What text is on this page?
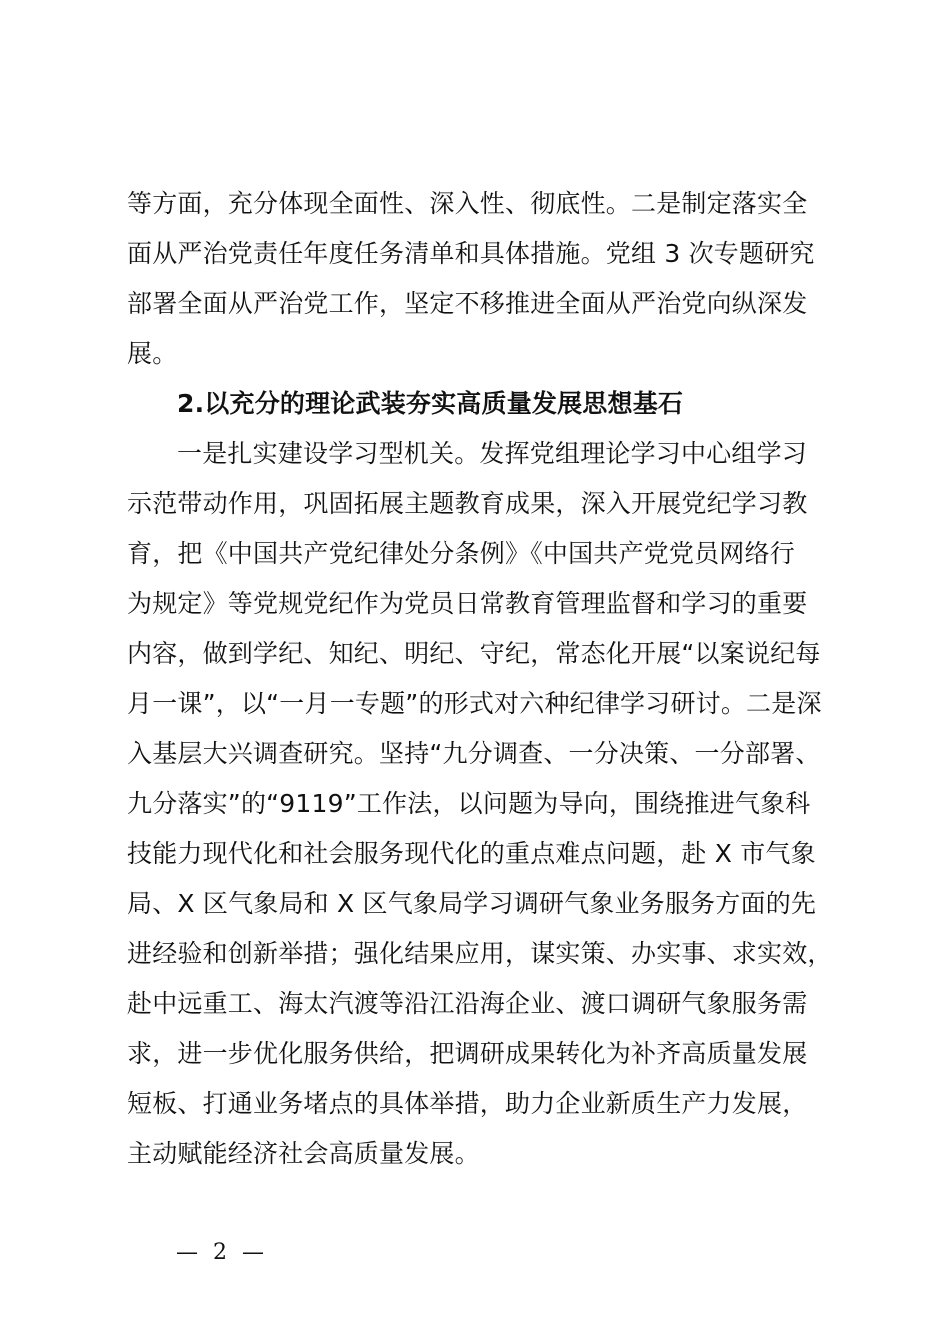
等方面，充分体现全面性、深入性、彻底性。二是制定落实全
面从严治党责任年度任务清单和具体措施。党组 3 次专题研究
部署全面从严治党工作，坚定不移推进全面从严治党向纵深发
展。
2.以充分的理论武装夯实高质量发展思想基石
一是扎实建设学习型机关。发挥党组理论学习中心组学习
示范带动作用，巩固拓展主题教育成果，深入开展党纪学习教
育，把《中国共产党纪律处分条例》《中国共产党党员网络行
为规定》等党规党纪作为党员日常教育管理监督和学习的重要
内容，做到学纪、知纪、明纪、守纪，常态化开展“以案说纪每
月一课”，以“一月一专题”的形式对六种纪律学习研讨。二是深
入基层大兴调查研究。坚持“九分调查、一分决策、一分部署、
九分落实”的“9119”工作法，以问题为导向，围绕推进气象科
技能力现代化和社会服务现代化的重点难点问题，赴 X 市气象
局、X 区气象局和 X 区气象局学习调研气象业务服务方面的先
进经验和创新举措；强化结果应用，谋实策、办实事、求实效，
赴中远重工、海太汽渡等沿江沿海企业、渡口调研气象服务需
求，进一步优化服务供给，把调研成果转化为补齐高质量发展
短板、打通业务堵点的具体举措，助力企业新质生产力发展，
主动赋能经济社会高质量发展。
— 2 —
